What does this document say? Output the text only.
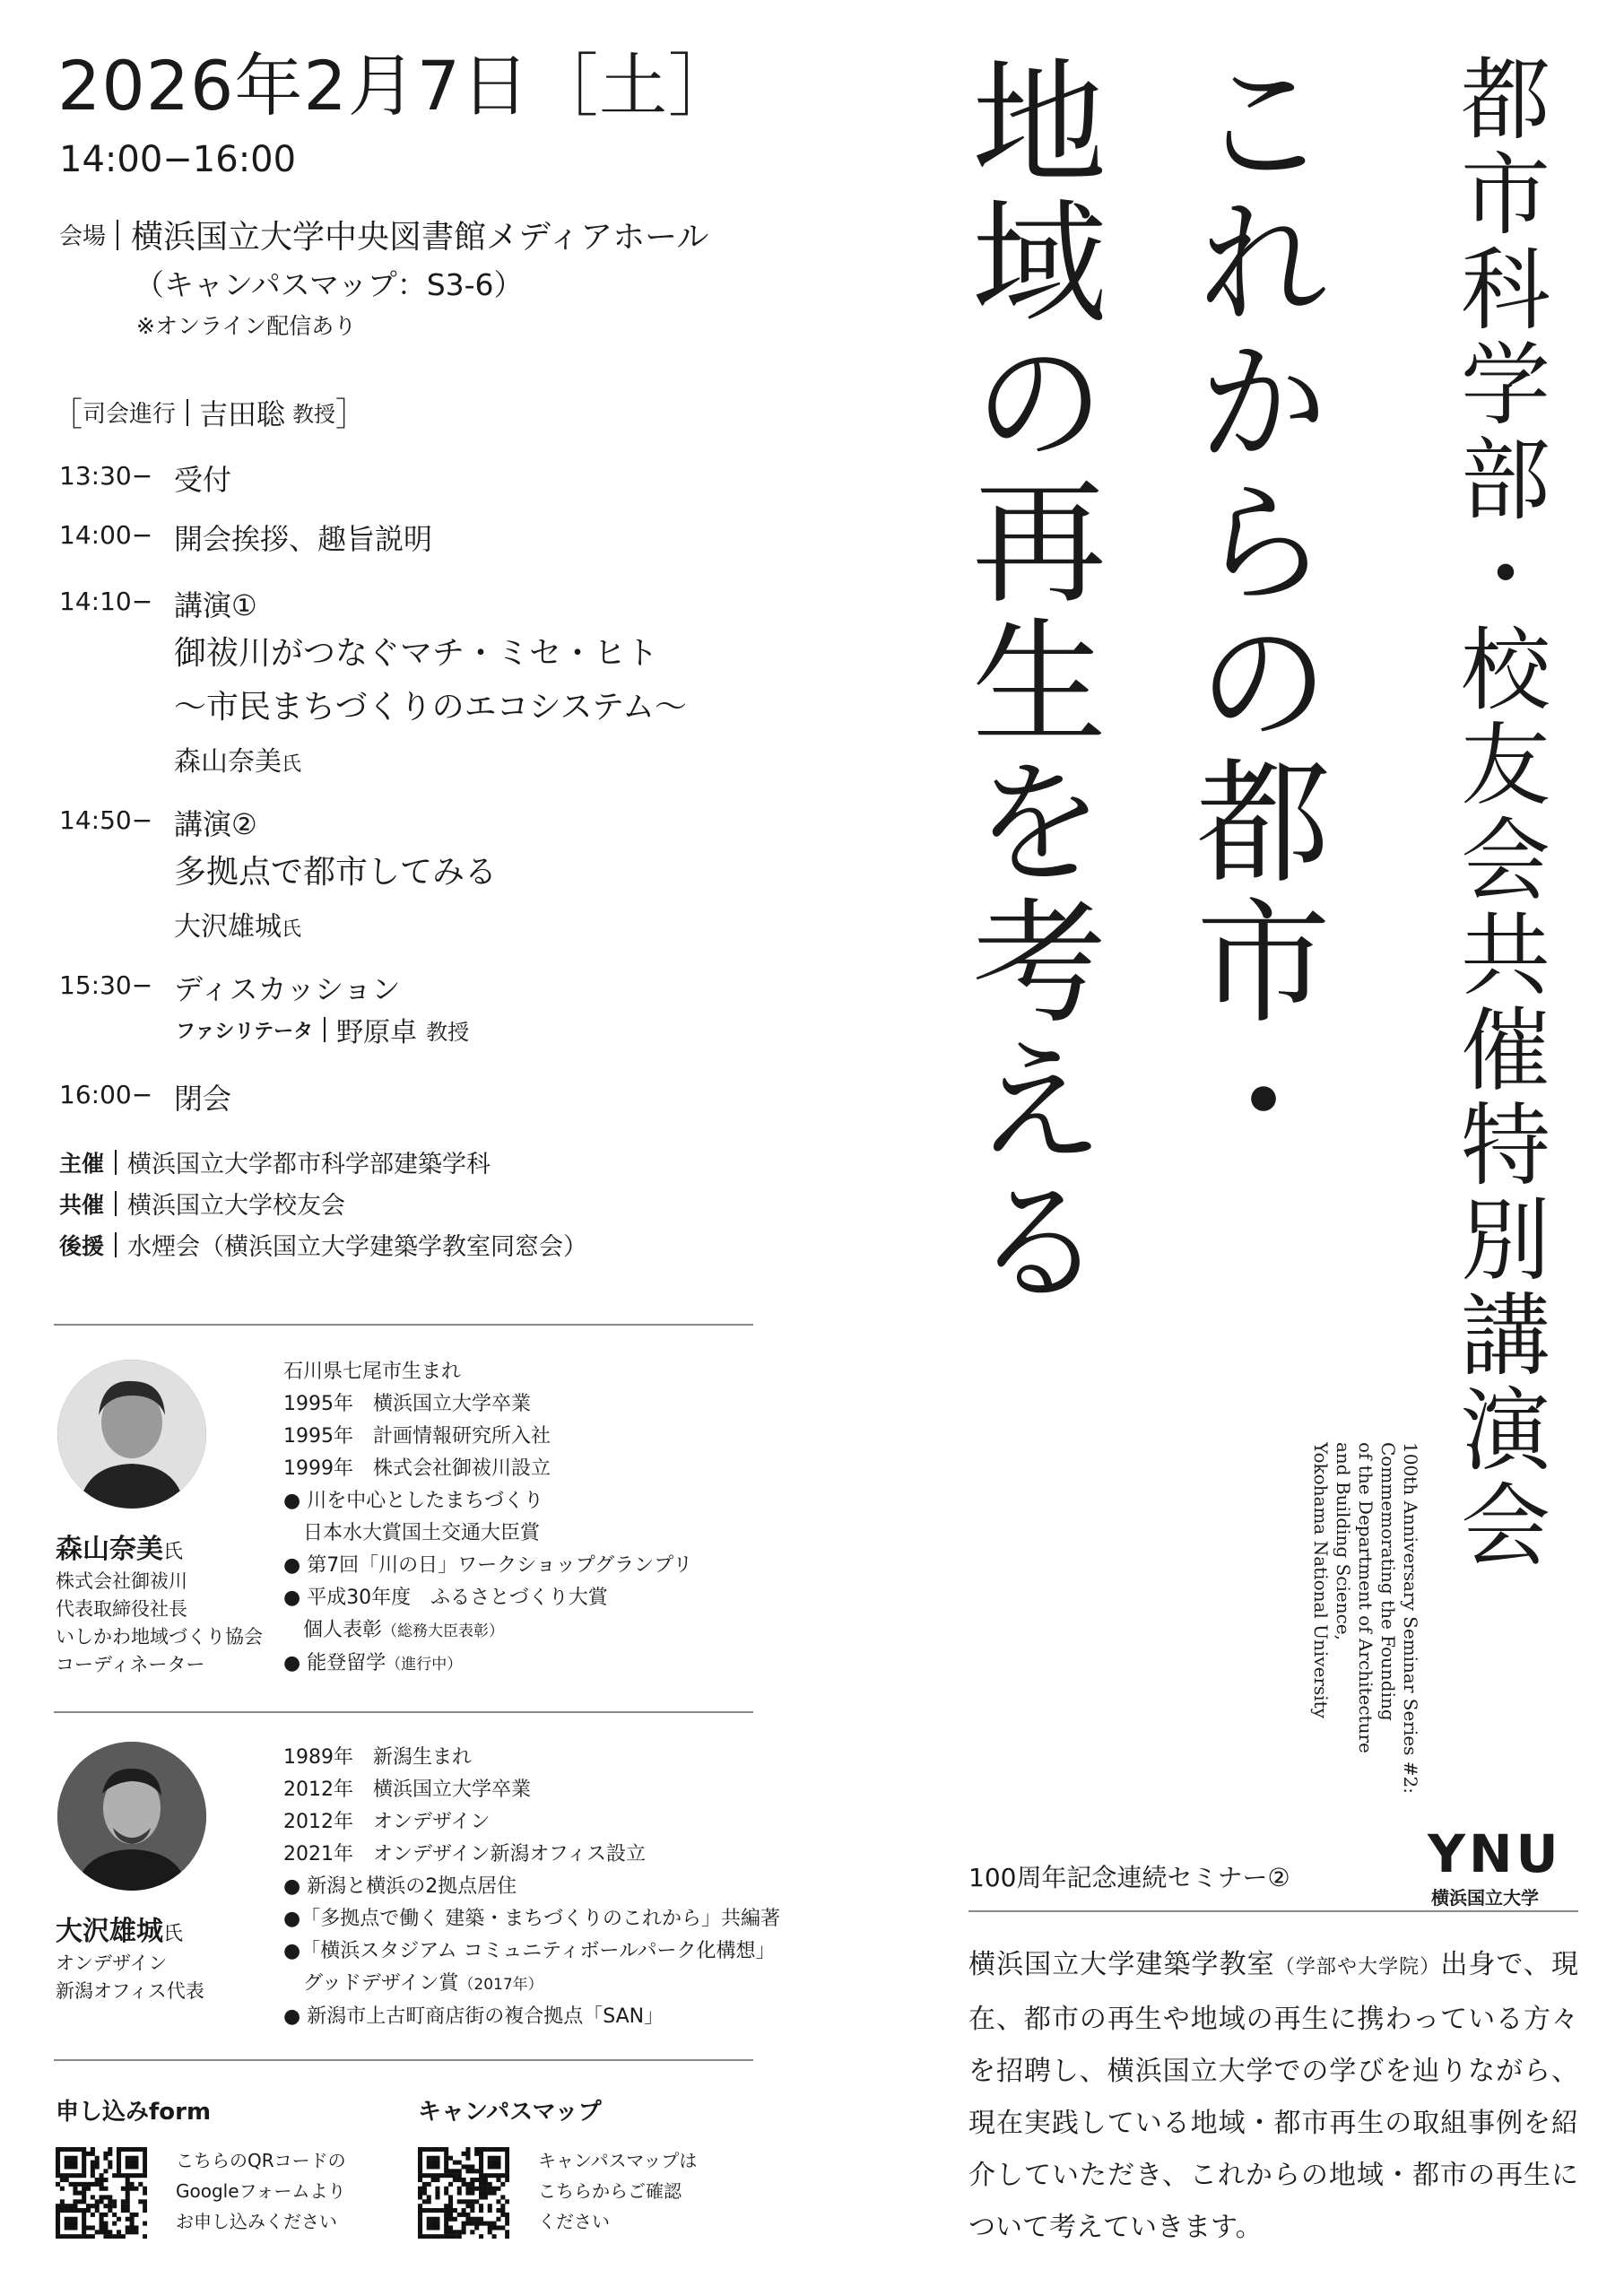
2026年2月7日［土］
14:00−16:00
会場 横浜国立大学中央図書館メディアホール
（キャンパスマップ：S3-6）
※オンライン配信あり
［ 司会進行 吉田聡 教授 ］
13:30− 受付
14:00− 開会挨拶、趣旨説明
14:10− 講演①
御祓川がつなぐマチ・ミセ・ヒト
〜市民まちづくりのエコシステム〜
森山奈美氏
14:50− 講演②
多拠点で都市してみる
大沢雄城氏
15:30− ディスカッション
ファシリテータ 野原卓 教授
16:00− 閉会
主催 横浜国立大学都市科学部建築学科
共催 横浜国立大学校友会
後援 水煙会（横浜国立大学建築学教室同窓会）
森山奈美氏
株式会社御祓川
代表取締役社長
いしかわ地域づくり協会
コーディネーター
石川県七尾市生まれ
1995年 横浜国立大学卒業
1995年 計画情報研究所入社
1999年 株式会社御祓川設立
● 川を中心としたまちづくり
日本水大賞国土交通大臣賞
● 第7回「川の日」ワークショップグランプリ
● 平成30年度　ふるさとづくり大賞
個人表彰（総務大臣表彰）
● 能登留学（進行中）
大沢雄城氏
オンデザイン
新潟オフィス代表
1989年 新潟生まれ
2012年 横浜国立大学卒業
2012年 オンデザイン
2021年 オンデザイン新潟オフィス設立
● 新潟と横浜の2拠点居住
●「多拠点で働く 建築・まちづくりのこれから」共編著
●「横浜スタジアム コミュニティボールパーク化構想」
グッドデザイン賞（2017年）
● 新潟市上古町商店街の複合拠点「SAN」
申し込みform
こちらのQRコードの
Googleフォームより
お申し込みください
キャンパスマップ
キャンパスマップは
こちらからご確認
ください
地域の再生を考える これからの都市・ 都市科学部・校友会共催特別講演会
100th Anniversary Seminar Series #2:
Commemorating the Founding
of the Department of Architecture
and Building Science,
Yokohama National University
100周年記念連続セミナー②	YNU
横浜国立大学
横浜国立大学建築学教室（学部や大学院）出身で、現在、都市の再生や地域の再生に携わっている方々を招聘し、横浜国立大学での学びを辿りながら、現在実践している地域・都市再生の取組事例を紹介していただき、これからの地域・都市の再生について考えていきます。
